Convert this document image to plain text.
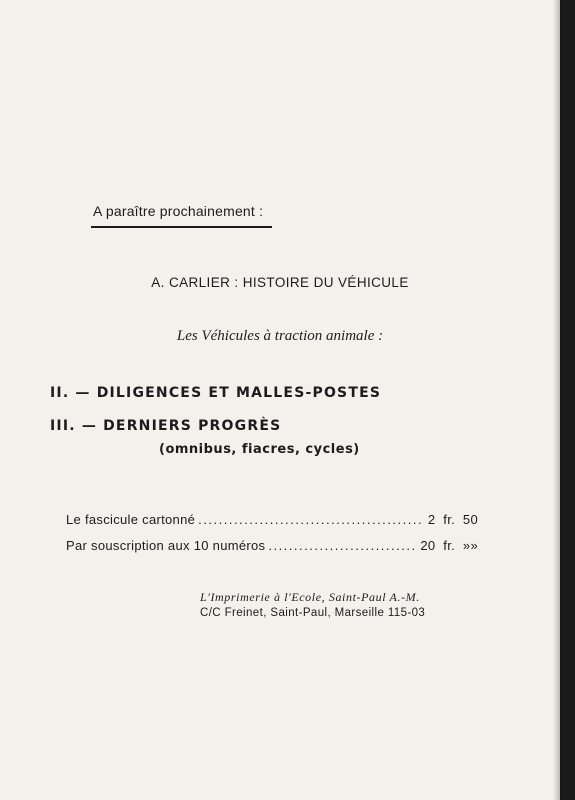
A paraître prochainement :
A. CARLIER : HISTOIRE DU VÉHICULE
Les Véhicules à traction animale :
II. — DILIGENCES ET MALLES-POSTES
III. — DERNIERS PROGRÈS
(omnibus, fiacres, cycles)
Le fascicule cartonné .....	2 fr. 50
Par souscription aux 10 numéros .....	20 fr. »»
L'Imprimerie à l'Ecole, Saint-Paul A.-M.
C/C Freinet, Saint-Paul, Marseille 115-03
